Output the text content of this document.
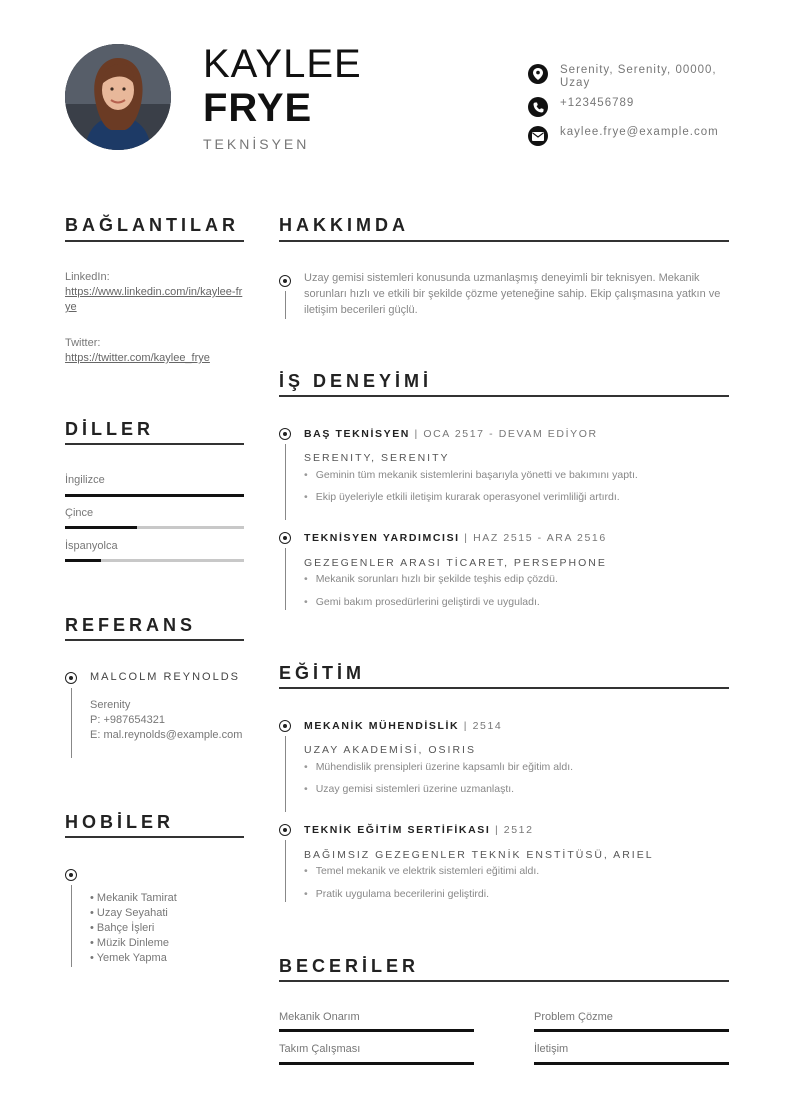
KAYLEE
FRYE
TEKNİSYEN
Serenity, Serenity, 00000, Uzay
+123456789
kaylee.frye@example.com
BAĞLANTILAR
LinkedIn:
https://www.linkedin.com/in/kaylee-frye
Twitter:
https://twitter.com/kaylee_frye
DİLLER
İngilizce
Çince
İspanyolca
REFERANS
MALCOLM REYNOLDS
Serenity
P: +987654321
E: mal.reynolds@example.com
HOBİLER
• Mekanik Tamirat
• Uzay Seyahati
• Bahçe İşleri
• Müzik Dinleme
• Yemek Yapma
HAKKIMDA
Uzay gemisi sistemleri konusunda uzmanlaşmış deneyimli bir teknisyen. Mekanik sorunları hızlı ve etkili bir şekilde çözme yeteneğine sahip. Ekip çalışmasına yatkın ve iletişim becerileri güçlü.
İŞ DENEYİMİ
BAŞ TEKNİSYEN | OCA 2517 - DEVAM EDİYOR
SERENITY, SERENITY
• Geminin tüm mekanik sistemlerini başarıyla yönetti ve bakımını yaptı.
• Ekip üyeleriyle etkili iletişim kurarak operasyonel verimliliği artırdı.
TEKNİSYEN YARDIMCISI | HAZ 2515 - ARA 2516
GEZEGENLER ARASI TİCARET, PERSEPHONE
• Mekanik sorunları hızlı bir şekilde teşhis edip çözdü.
• Gemi bakım prosedürlerini geliştirdi ve uyguladı.
EĞİTİM
MEKANİK MÜHENDİSLİK | 2514
UZAY AKADEMİSİ, OSIRIS
• Mühendislik prensipleri üzerine kapsamlı bir eğitim aldı.
• Uzay gemisi sistemleri üzerine uzmanlaştı.
TEKNİK EĞİTİM SERTİFİKASI | 2512
BAĞIMSIZ GEZEGENLER TEKNİK ENSTİTÜSÜ, ARIEL
• Temel mekanik ve elektrik sistemleri eğitimi aldı.
• Pratik uygulama becerilerini geliştirdi.
BECERİLER
Mekanik Onarım	Problem Çözme
Takım Çalışması	İletişim
